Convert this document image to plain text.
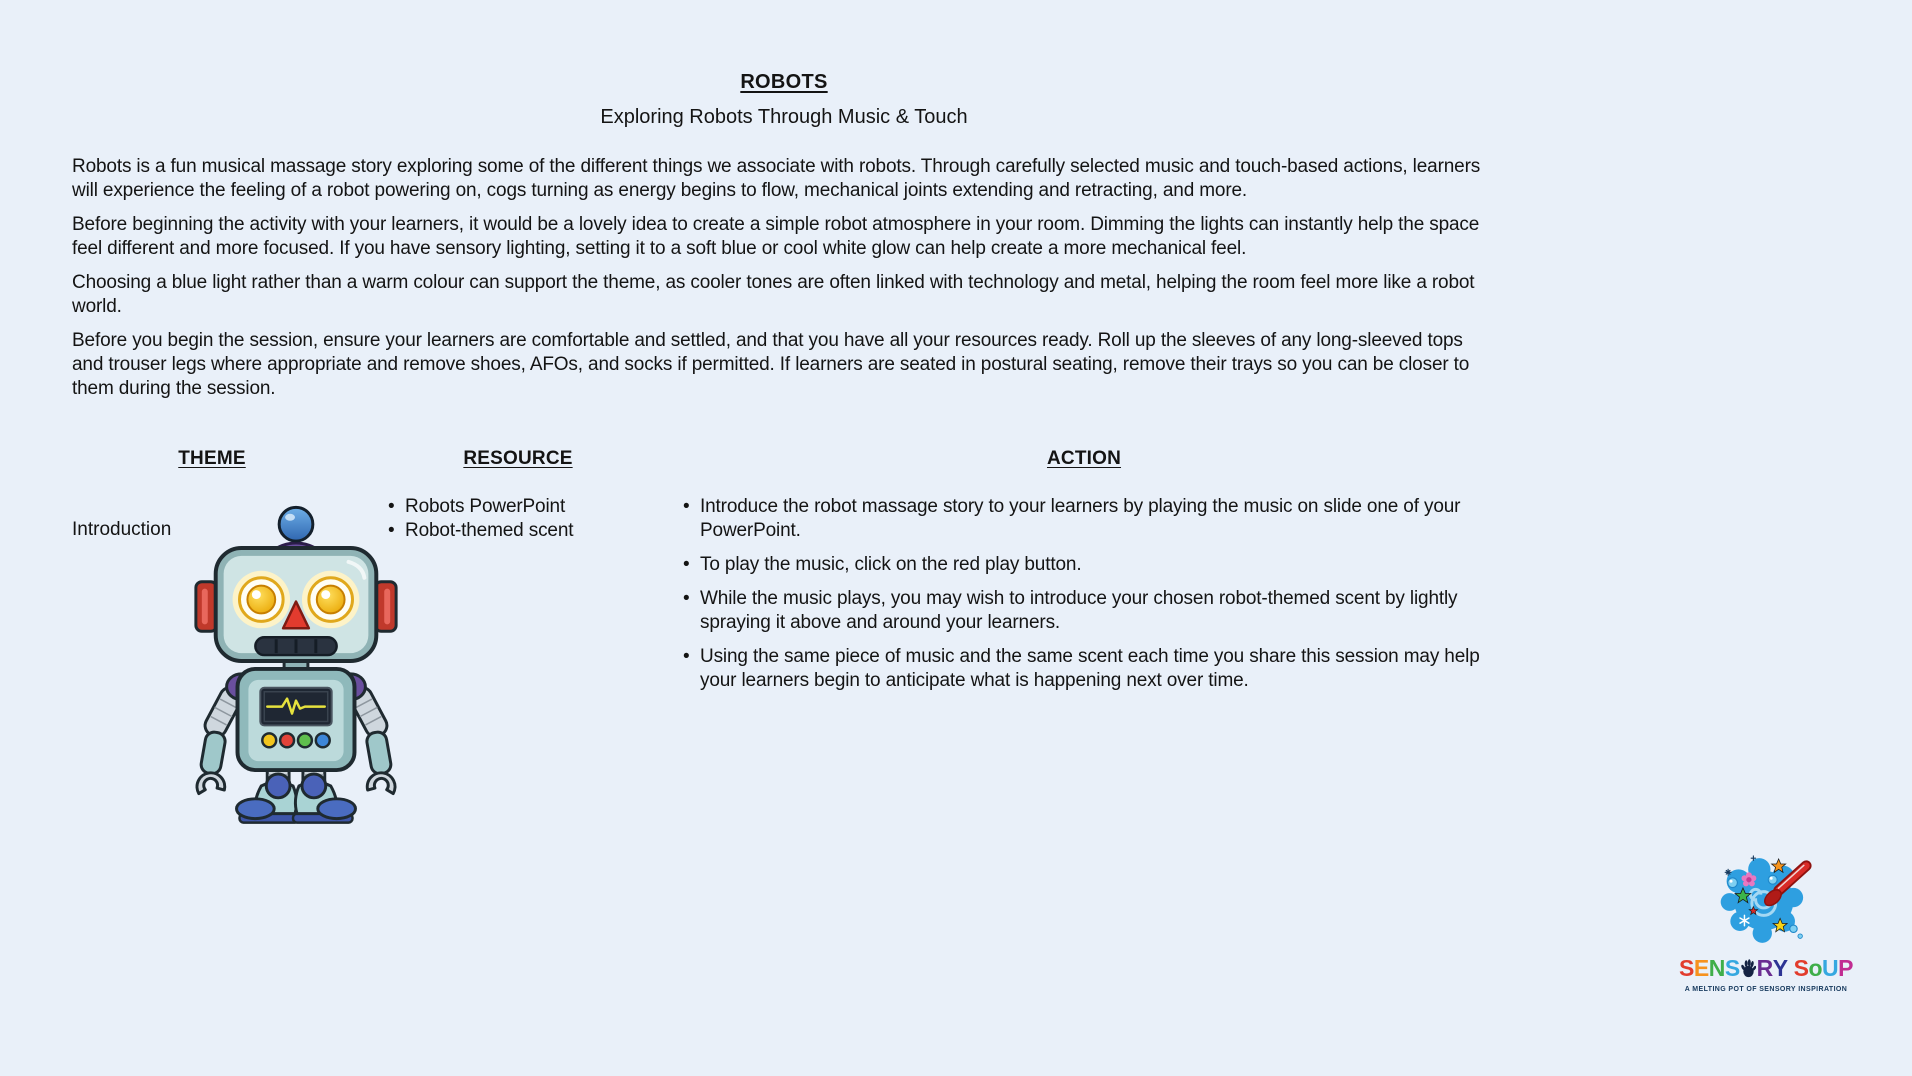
ROBOTS
Exploring Robots Through Music & Touch

Robots is a fun musical massage story exploring some of the different things we associate with robots. Through carefully selected music and touch-based actions, learners will experience the feeling of a robot powering on, cogs turning as energy begins to flow, mechanical joints extending and retracting, and more.

Before beginning the activity with your learners, it would be a lovely idea to create a simple robot atmosphere in your room. Dimming the lights can instantly help the space feel different and more focused. If you have sensory lighting, setting it to a soft blue or cool white glow can help create a more mechanical feel.

Choosing a blue light rather than a warm colour can support the theme, as cooler tones are often linked with technology and metal, helping the room feel more like a robot world.

Before you begin the session, ensure your learners are comfortable and settled, and that you have all your resources ready. Roll up the sleeves of any long-sleeved tops and trouser legs where appropriate and remove shoes, AFOs, and socks if permitted. If learners are seated in postural seating, remove their trays so you can be closer to them during the session.

THEME	RESOURCE	ACTION
Introduction
• Robots PowerPoint
• Robot-themed scent
• Introduce the robot massage story to your learners by playing the music on slide one of your PowerPoint.
• To play the music, click on the red play button.
• While the music plays, you may wish to introduce your chosen robot-themed scent by lightly spraying it above and around your learners.
• Using the same piece of music and the same scent each time you share this session may help your learners begin to anticipate what is happening next over time.
SENS RY SoUP
A MELTING POT OF SENSORY INSPIRATION
